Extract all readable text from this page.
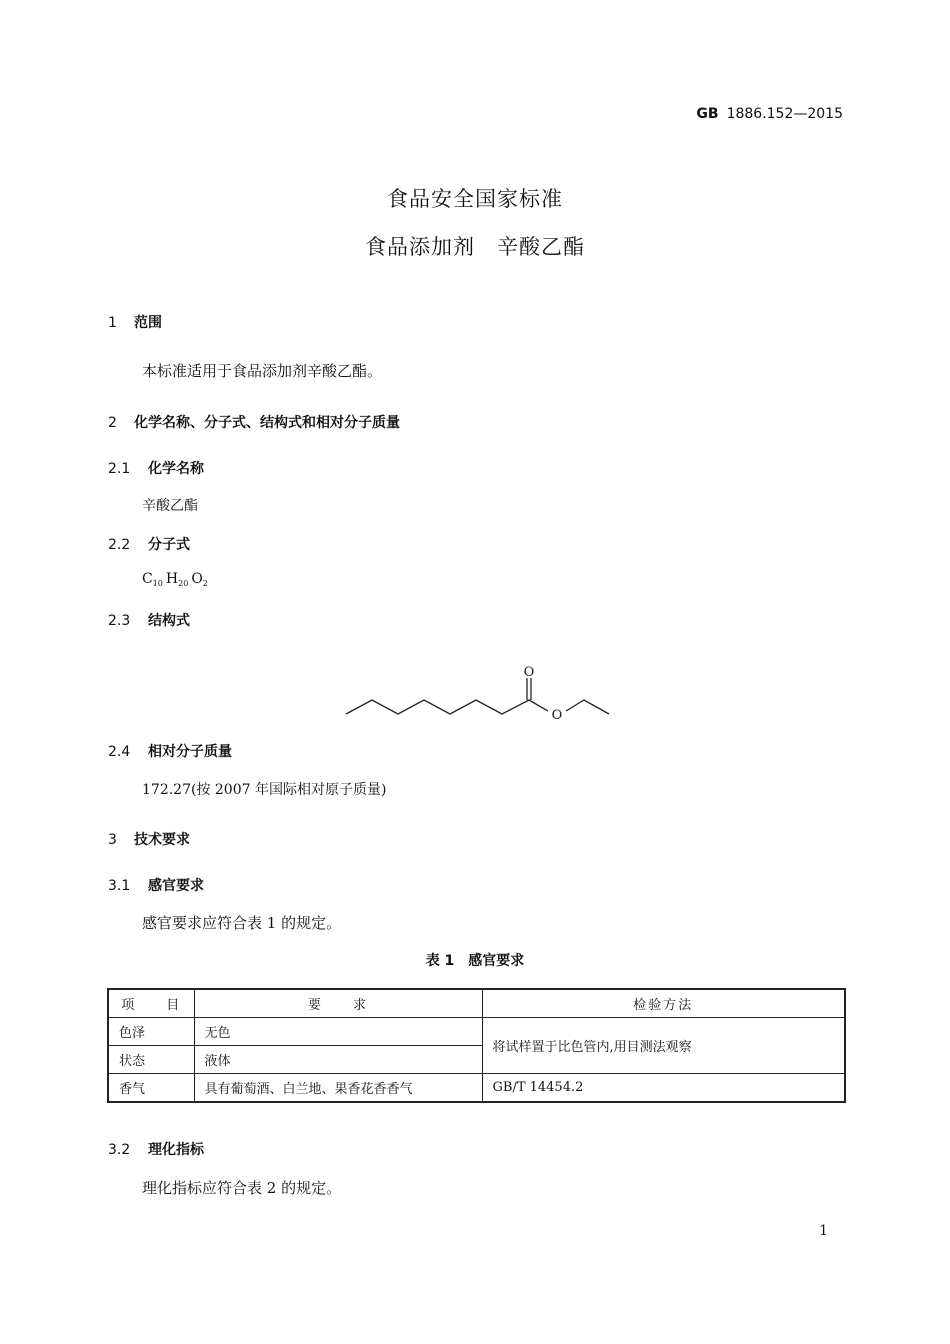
GB 1886.152—2015
食品安全国家标准
食品添加剂　辛酸乙酯
1 范围
本标准适用于食品添加剂辛酸乙酯。
2 化学名称、分子式、结构式和相对分子质量
2.1 化学名称
辛酸乙酯
2.2 分子式
$C_{10}$ $H_{20}$ $O_2$
2.3 结构式
O
O
2.4 相对分子质量
172.27(按 2007 年国际相对原子质量)
3 技术要求
3.1 感官要求
感官要求应符合表 1 的规定。
表 1　感官要求
项　　目	要　　求	检验方法
色泽	无色	将试样置于比色管内,用目测法观察
状态	液体	
香气	具有葡萄酒、白兰地、果香花香香气	GB/T 14454.2
3.2 理化指标
理化指标应符合表 2 的规定。
1
